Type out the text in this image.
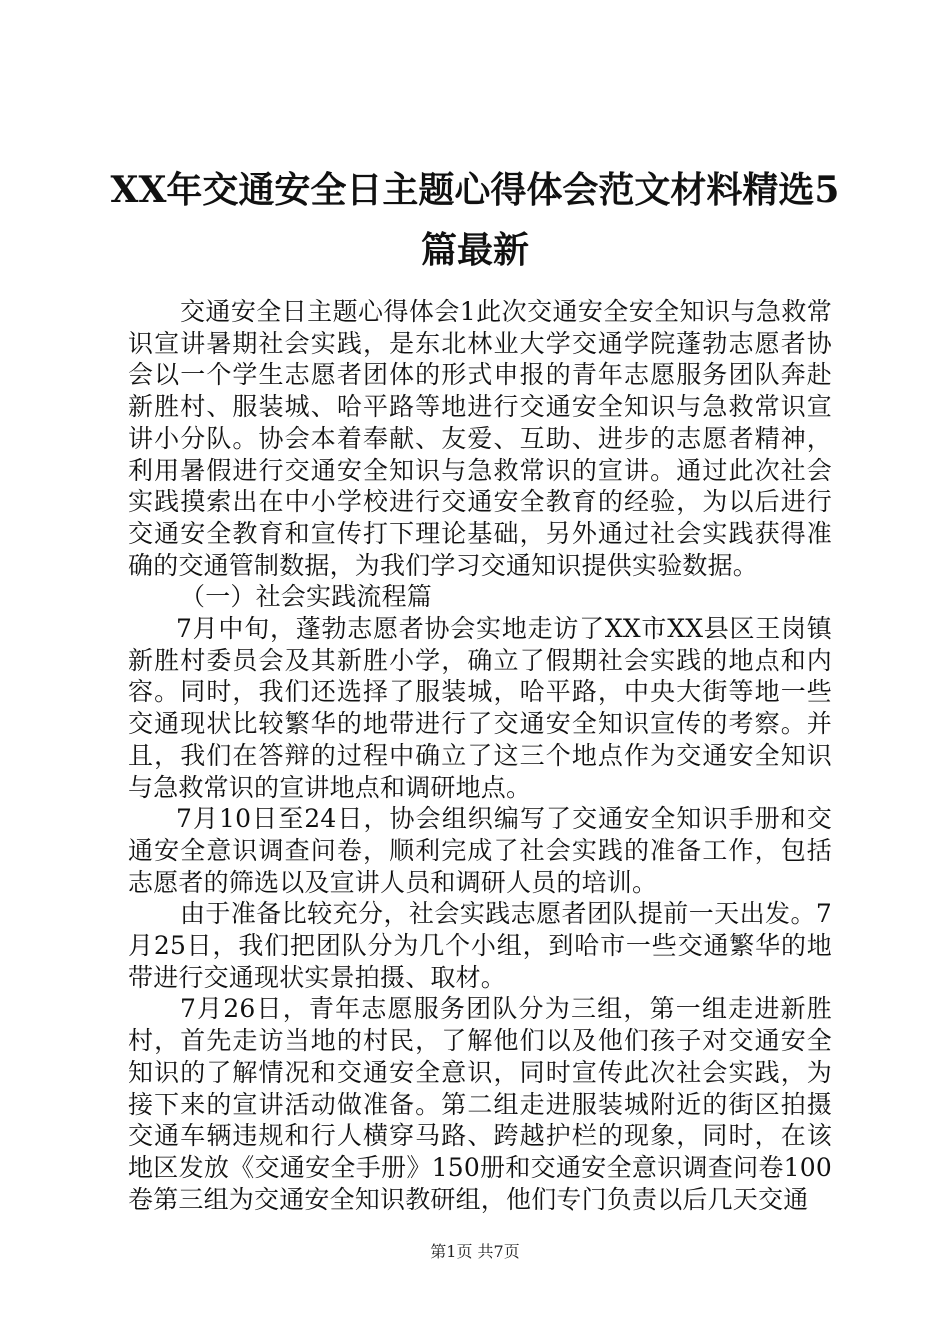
XX年交通安全日主题心得体会范文材料精选5篇最新

交通安全日主题心得体会1此次交通安全安全知识与急救常识宣讲暑期社会实践，是东北林业大学交通学院蓬勃志愿者协会以一个学生志愿者团体的形式申报的青年志愿服务团队奔赴新胜村、服装城、哈平路等地进行交通安全知识与急救常识宣讲小分队。协会本着奉献、友爱、互助、进步的志愿者精神，利用暑假进行交通安全知识与急救常识的宣讲。通过此次社会实践摸索出在中小学校进行交通安全教育的经验，为以后进行交通安全教育和宣传打下理论基础，另外通过社会实践获得准确的交通管制数据，为我们学习交通知识提供实验数据。

（一）社会实践流程篇

7月中旬，蓬勃志愿者协会实地走访了XX市XX县区王岗镇新胜村委员会及其新胜小学，确立了假期社会实践的地点和内容。同时，我们还选择了服装城，哈平路，中央大街等地一些交通现状比较繁华的地带进行了交通安全知识宣传的考察。并且，我们在答辩的过程中确立了这三个地点作为交通安全知识与急救常识的宣讲地点和调研地点。

7月10日至24日，协会组织编写了交通安全知识手册和交通安全意识调查问卷，顺利完成了社会实践的准备工作，包括志愿者的筛选以及宣讲人员和调研人员的培训。

由于准备比较充分，社会实践志愿者团队提前一天出发。7月25日，我们把团队分为几个小组，到哈市一些交通繁华的地带进行交通现状实景拍摄、取材。

7月26日，青年志愿服务团队分为三组，第一组走进新胜村，首先走访当地的村民，了解他们以及他们孩子对交通安全知识的了解情况和交通安全意识，同时宣传此次社会实践，为接下来的宣讲活动做准备。第二组走进服装城附近的街区拍摄交通车辆违规和行人横穿马路、跨越护栏的现象，同时，在该地区发放《交通安全手册》150册和交通安全意识调查问卷100卷第三组为交通安全知识教研组，他们专门负责以后几天交通

第1页 共7页
